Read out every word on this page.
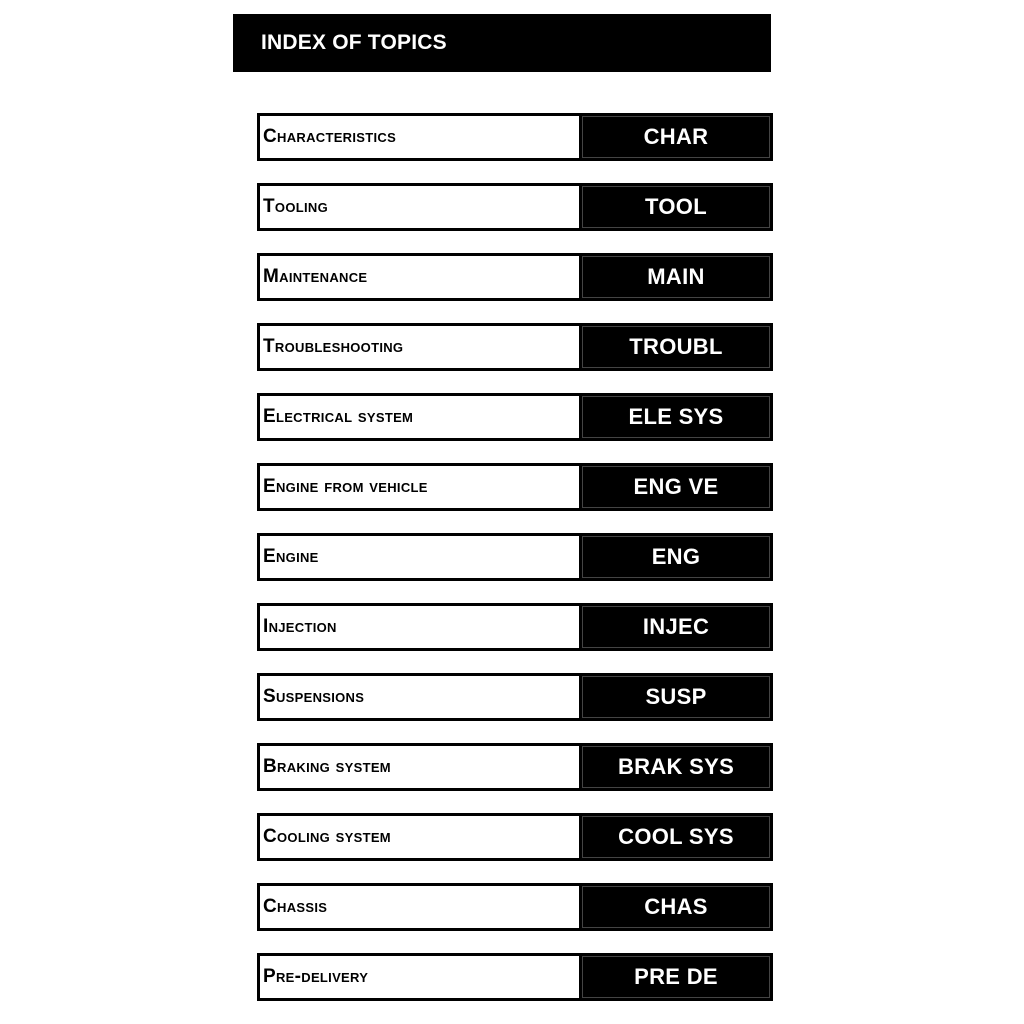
INDEX OF TOPICS
Characteristics	CHAR
Tooling	TOOL
Maintenance	MAIN
Troubleshooting	TROUBL
Electrical system	ELE SYS
Engine from vehicle	ENG VE
Engine	ENG
Injection	INJEC
Suspensions	SUSP
Braking system	BRAK SYS
Cooling system	COOL SYS
Chassis	CHAS
Pre-delivery	PRE DE
